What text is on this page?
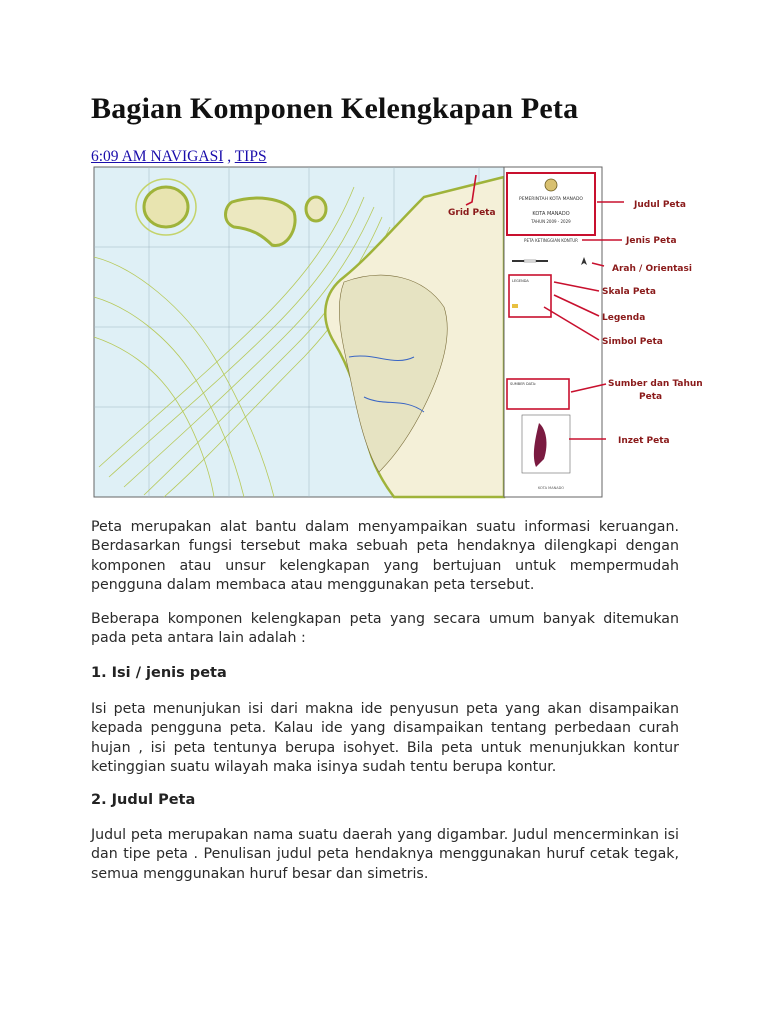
Bagian Komponen Kelengkapan Peta
6:09 AM NAVIGASI , TIPS
PEMERINTAH KOTA MANADO
KOTA MANADO
TAHUN 2009 - 2029
PETA KETINGGIAN KONTUR
LEGENDA
SUMBER DATA:
KOTA MANADO
Grid Peta
Judul Peta
Jenis Peta
Arah / Orientasi
Skala Peta
Legenda
Simbol Peta
Sumber dan Tahun
Peta
Inzet Peta

Peta merupakan alat bantu dalam menyampaikan suatu informasi keruangan. Berdasarkan fungsi tersebut maka sebuah peta hendaknya dilengkapi dengan komponen atau unsur kelengkapan yang bertujuan untuk mempermudah pengguna dalam membaca atau menggunakan peta tersebut.

Beberapa komponen kelengkapan peta yang secara umum banyak ditemukan pada peta antara lain adalah :

1. Isi / jenis peta

Isi peta menunjukan isi dari makna ide penyusun peta yang akan disampaikan kepada pengguna peta. Kalau ide yang disampaikan tentang perbedaan curah hujan , isi peta tentunya berupa isohyet. Bila peta untuk menunjukkan kontur ketinggian suatu wilayah maka isinya sudah tentu berupa kontur.

2. Judul Peta

Judul peta merupakan nama suatu daerah yang digambar. Judul mencerminkan isi dan tipe peta . Penulisan judul peta hendaknya menggunakan huruf cetak tegak, semua menggunakan huruf besar dan simetris.
